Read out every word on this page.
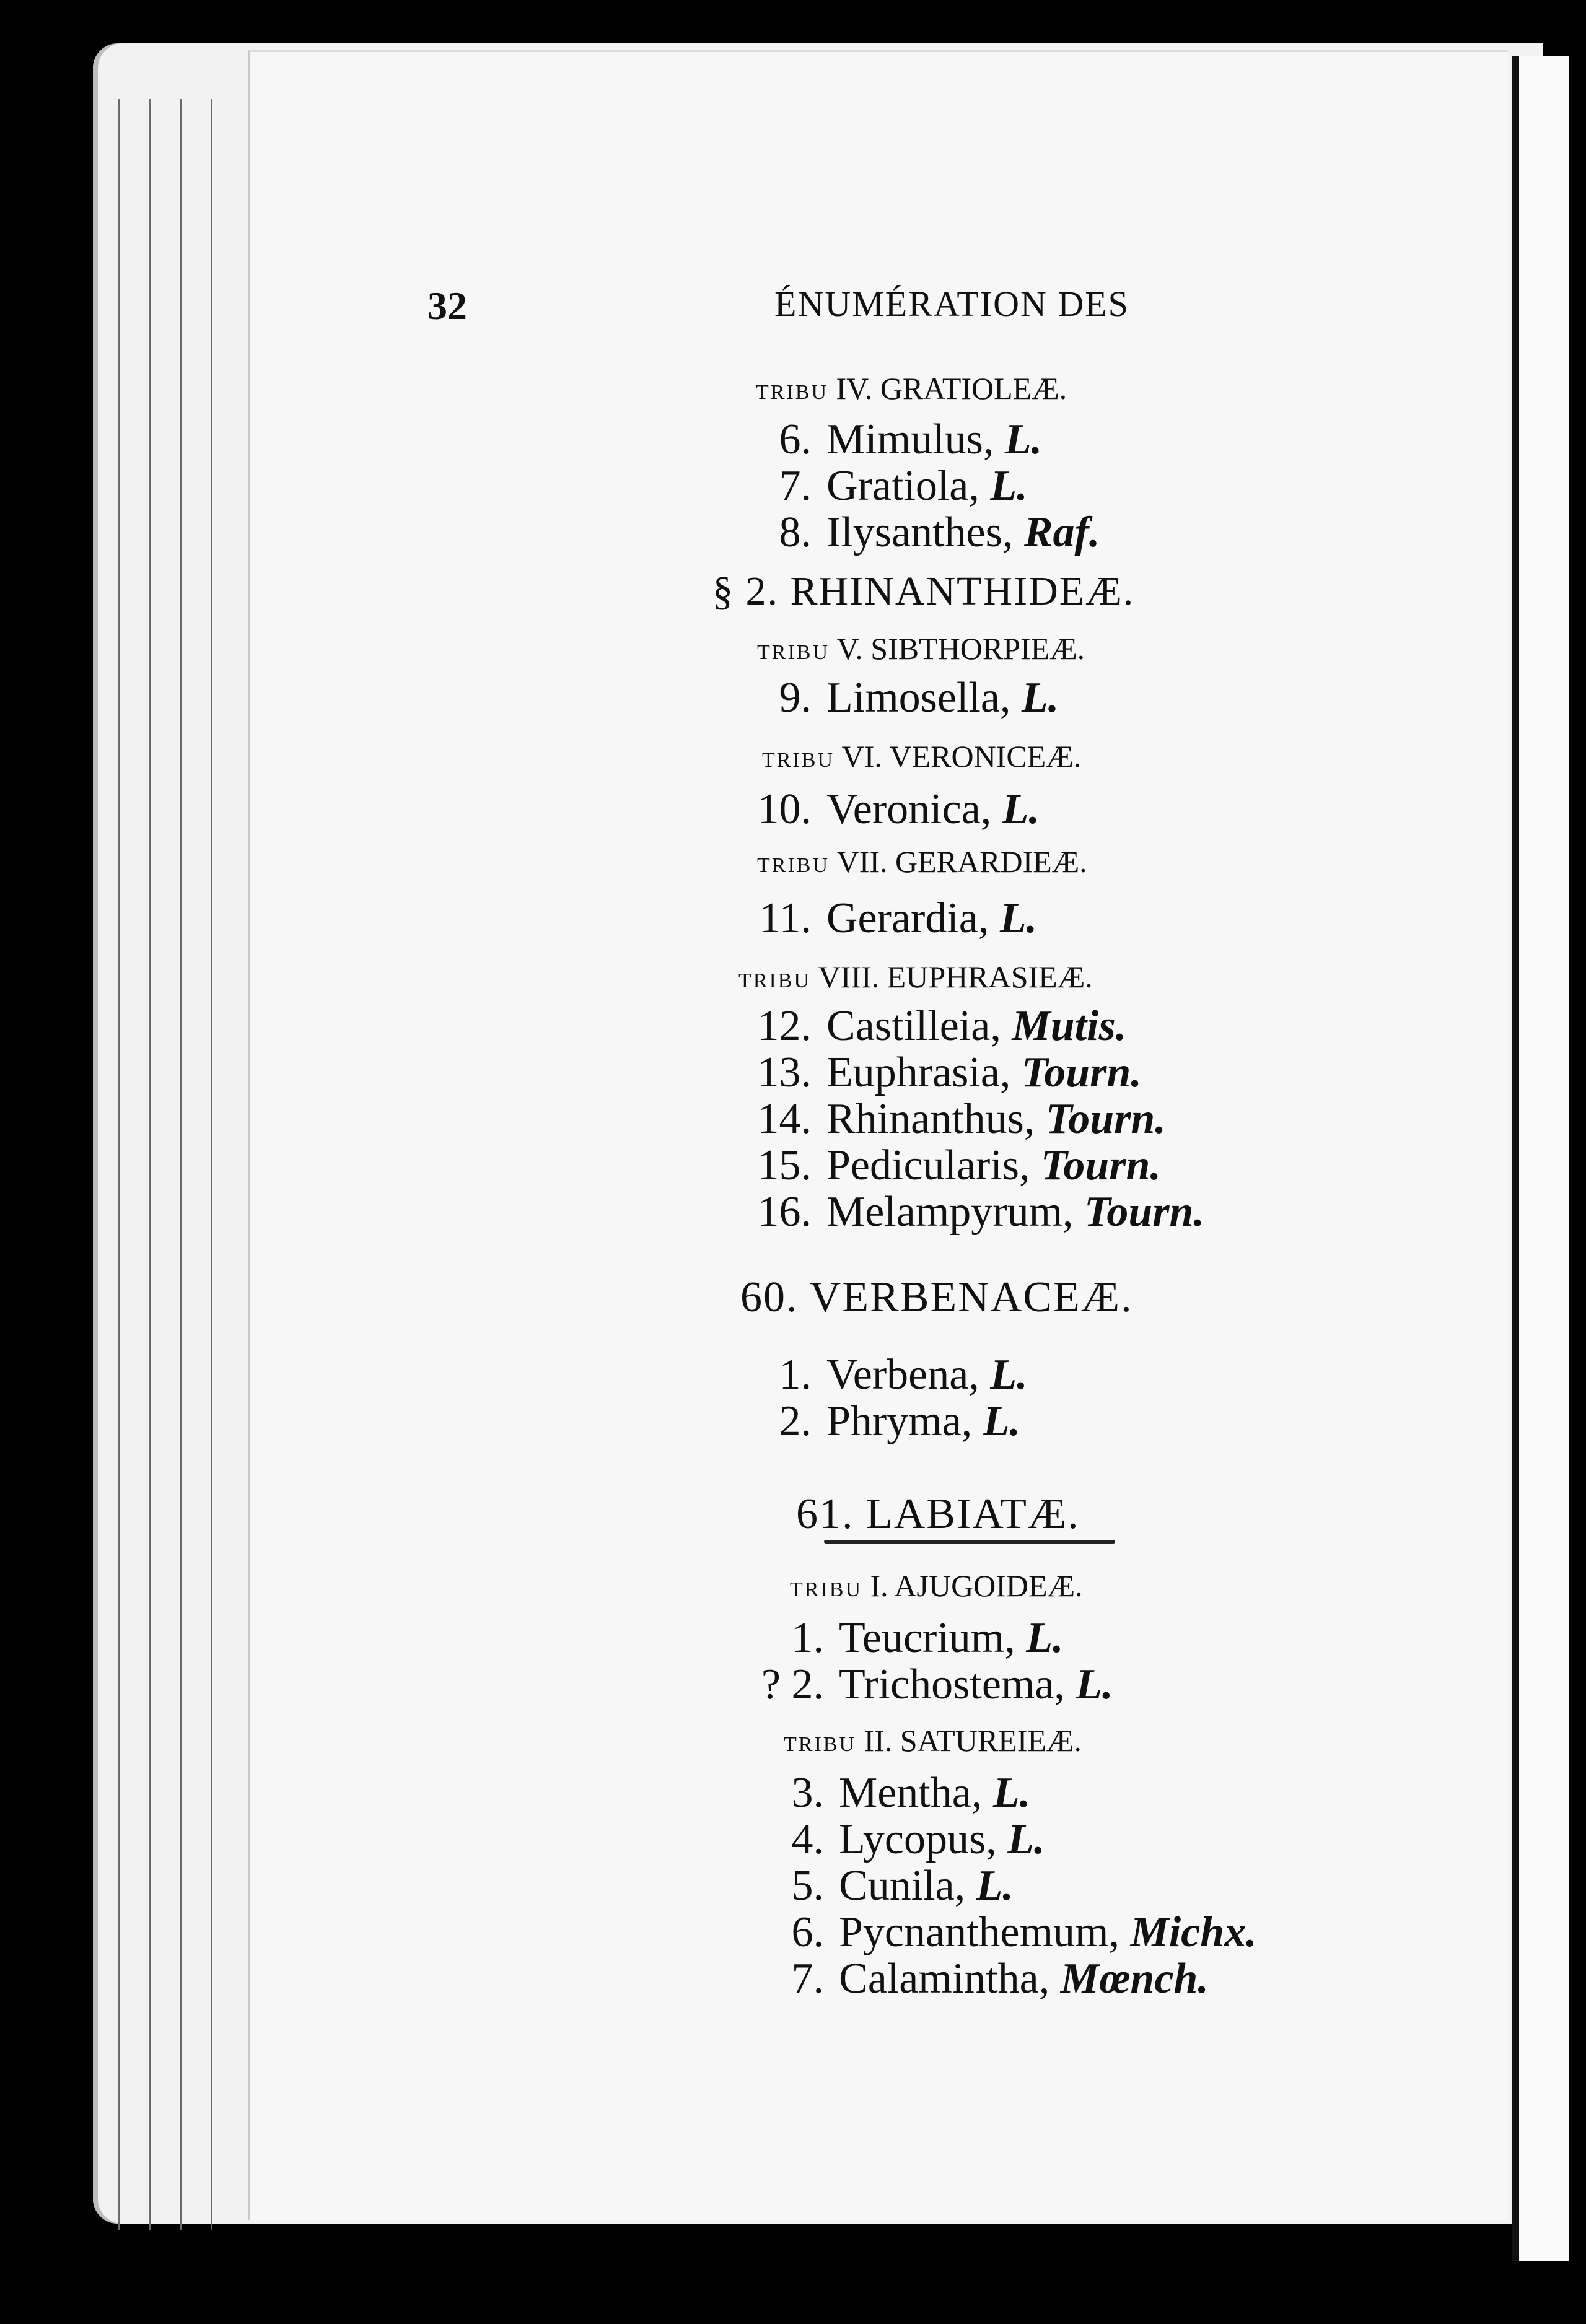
32	ÉNUMÉRATION DES
TRIBU IV. GRATIOLEÆ.
6. Mimulus, L.
7. Gratiola, L.
8. Ilysanthes, Raf.
§ 2. RHINANTHIDEÆ.
TRIBU V. SIBTHORPIEÆ.
9. Limosella, L.
TRIBU VI. VERONICEÆ.
10. Veronica, L.
TRIBU VII. GERARDIEÆ.
11. Gerardia, L.
TRIBU VIII. EUPHRASIEÆ.
12. Castilleia, Mutis.
13. Euphrasia, Tourn.
14. Rhinanthus, Tourn.
15. Pedicularis, Tourn.
16. Melampyrum, Tourn.
60. VERBENACEÆ.
1. Verbena, L.
2. Phryma, L.
61. LABIATÆ.
TRIBU I. AJUGOIDEÆ.
1. Teucrium, L.
? 2. Trichostema, L.
TRIBU II. SATUREIEÆ.
3. Mentha, L.
4. Lycopus, L.
5. Cunila, L.
6. Pycnanthemum, Michx.
7. Calamintha, Mœnch.
